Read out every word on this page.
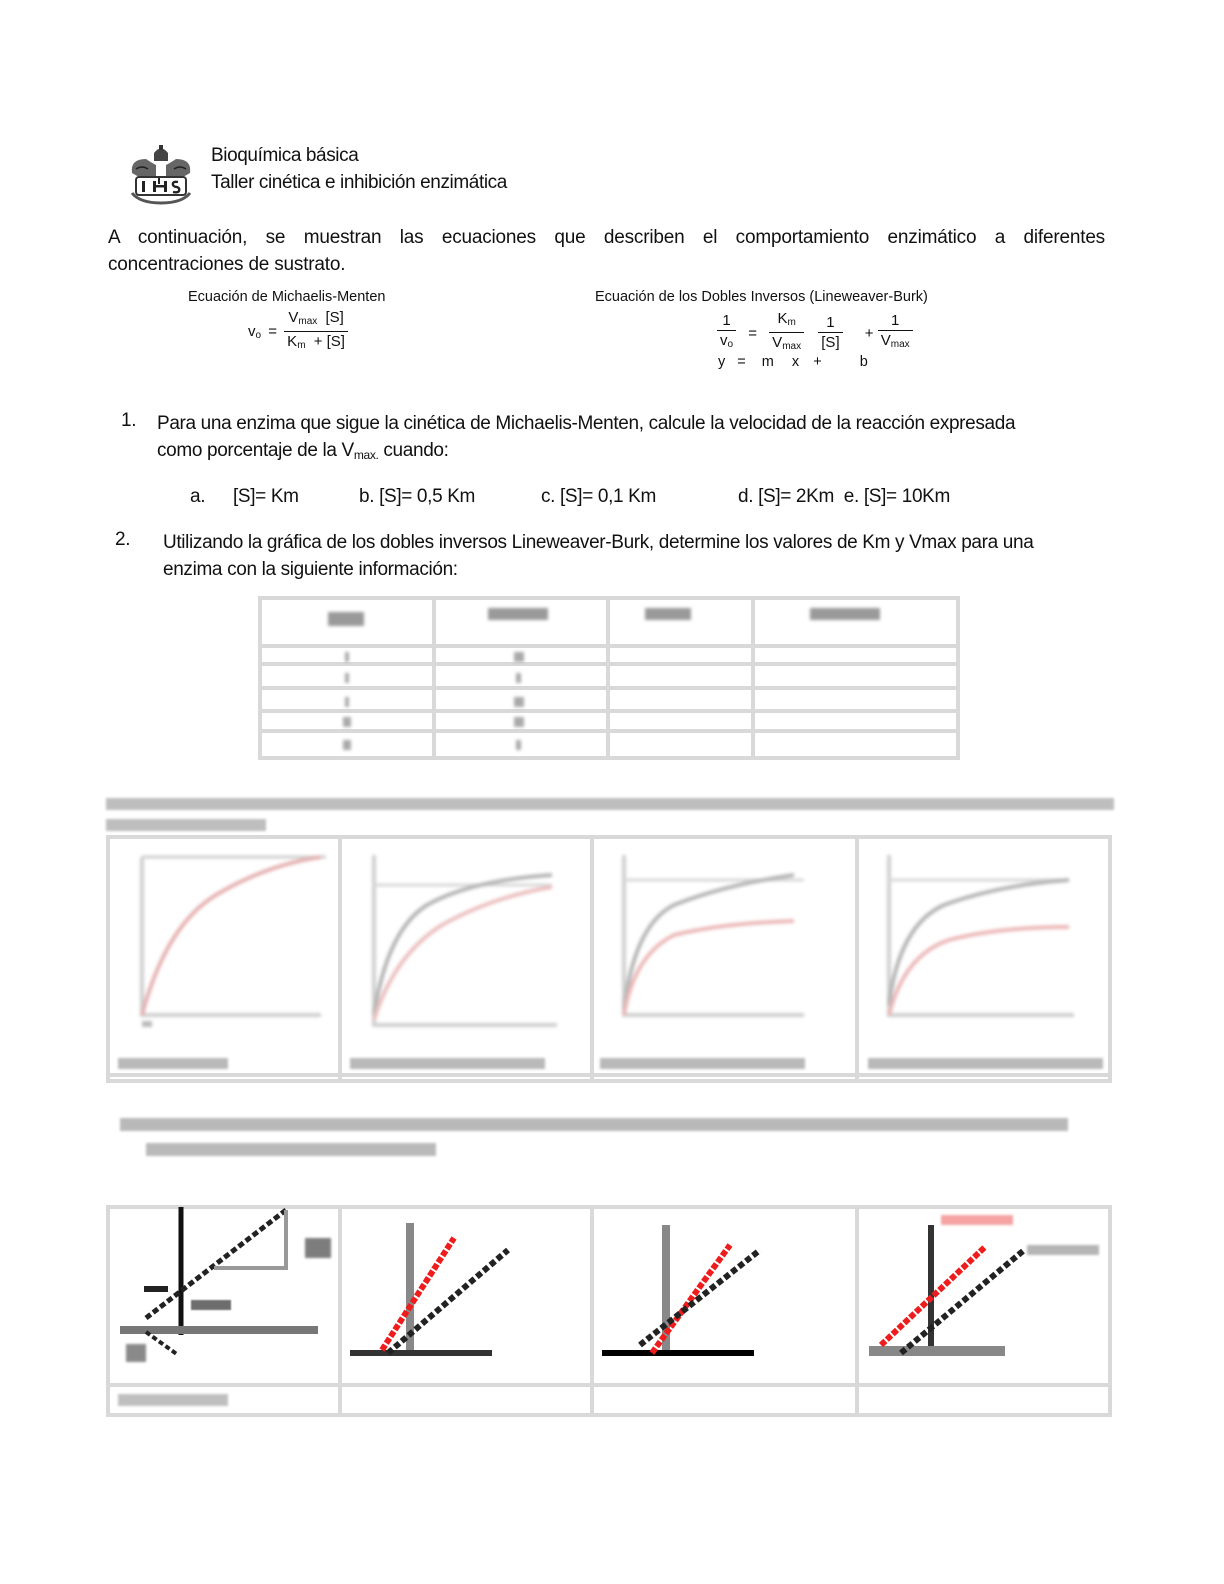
Bioquímica básica
Taller cinética e inhibición enzimática
A continuación, se muestran las ecuaciones que describen el comportamiento enzimático a diferentes
concentraciones de sustrato.
Ecuación de Michaelis-Menten
$v_o = \frac{V_{max} [S]}{K_m + [S]}$
Ecuación de los Dobles Inversos (Lineweaver-Burk)
$\frac{1}{v_o} = \frac{K_m}{V_{max}}$
$\frac{1}{[S]} + \frac{1}{V_{max}}$
y = m x +	b
1. Para una enzima que sigue la cinética de Michaelis-Menten, calcule la velocidad de la reacción expresada
como porcentaje de la $V_{max.}$ cuando:
a. [S]= Km	b. [S]= 0,5 Km	c. [S]= 0,1 Km	d. [S]= 2Km  e. [S]= 10Km
2. Utilizando la gráfica de los dobles inversos Lineweaver-Burk, determine los valores de Km y Vmax para una
enzima con la siguiente información:
